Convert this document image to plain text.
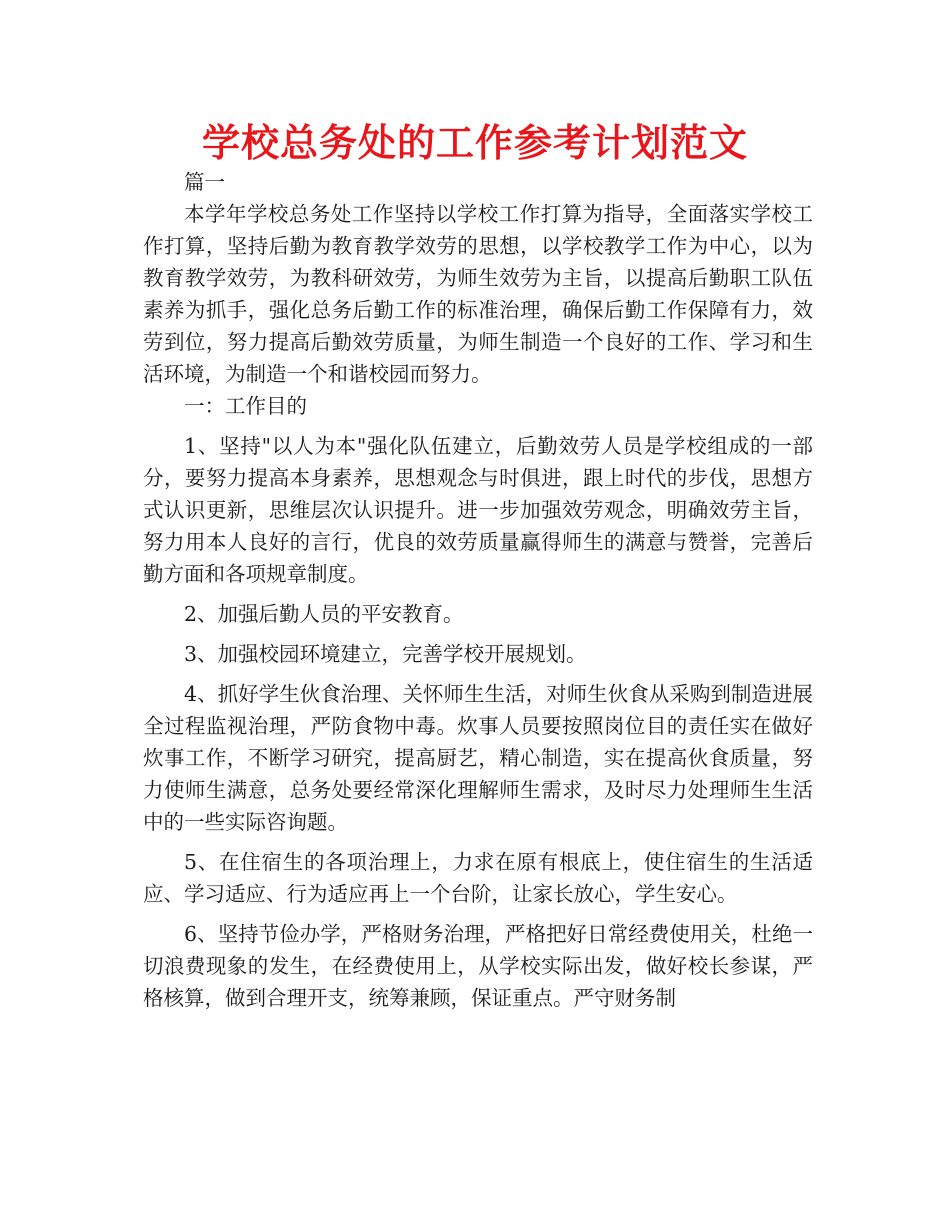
学校总务处的工作参考计划范文

篇一

本学年学校总务处工作坚持以学校工作打算为指导，全面落实学校工作打算，坚持后勤为教育教学效劳的思想，以学校教学工作为中心，以为教育教学效劳，为教科研效劳，为师生效劳为主旨，以提高后勤职工队伍素养为抓手，强化总务后勤工作的标准治理，确保后勤工作保障有力，效劳到位，努力提高后勤效劳质量，为师生制造一个良好的工作、学习和生活环境，为制造一个和谐校园而努力。

一：工作目的

1、坚持"以人为本"强化队伍建立，后勤效劳人员是学校组成的一部分，要努力提高本身素养，思想观念与时俱进，跟上时代的步伐，思想方式认识更新，思维层次认识提升。进一步加强效劳观念，明确效劳主旨，努力用本人良好的言行，优良的效劳质量赢得师生的满意与赞誉，完善后勤方面和各项规章制度。

2、加强后勤人员的平安教育。

3、加强校园环境建立，完善学校开展规划。

4、抓好学生伙食治理、关怀师生生活，对师生伙食从采购到制造进展全过程监视治理，严防食物中毒。炊事人员要按照岗位目的责任实在做好炊事工作，不断学习研究，提高厨艺，精心制造，实在提高伙食质量，努力使师生满意，总务处要经常深化理解师生需求，及时尽力处理师生生活中的一些实际咨询题。

5、在住宿生的各项治理上，力求在原有根底上，使住宿生的生活适应、学习适应、行为适应再上一个台阶，让家长放心，学生安心。

6、坚持节俭办学，严格财务治理，严格把好日常经费使用关，杜绝一切浪费现象的发生，在经费使用上，从学校实际出发，做好校长参谋，严格核算，做到合理开支，统筹兼顾，保证重点。严守财务制
